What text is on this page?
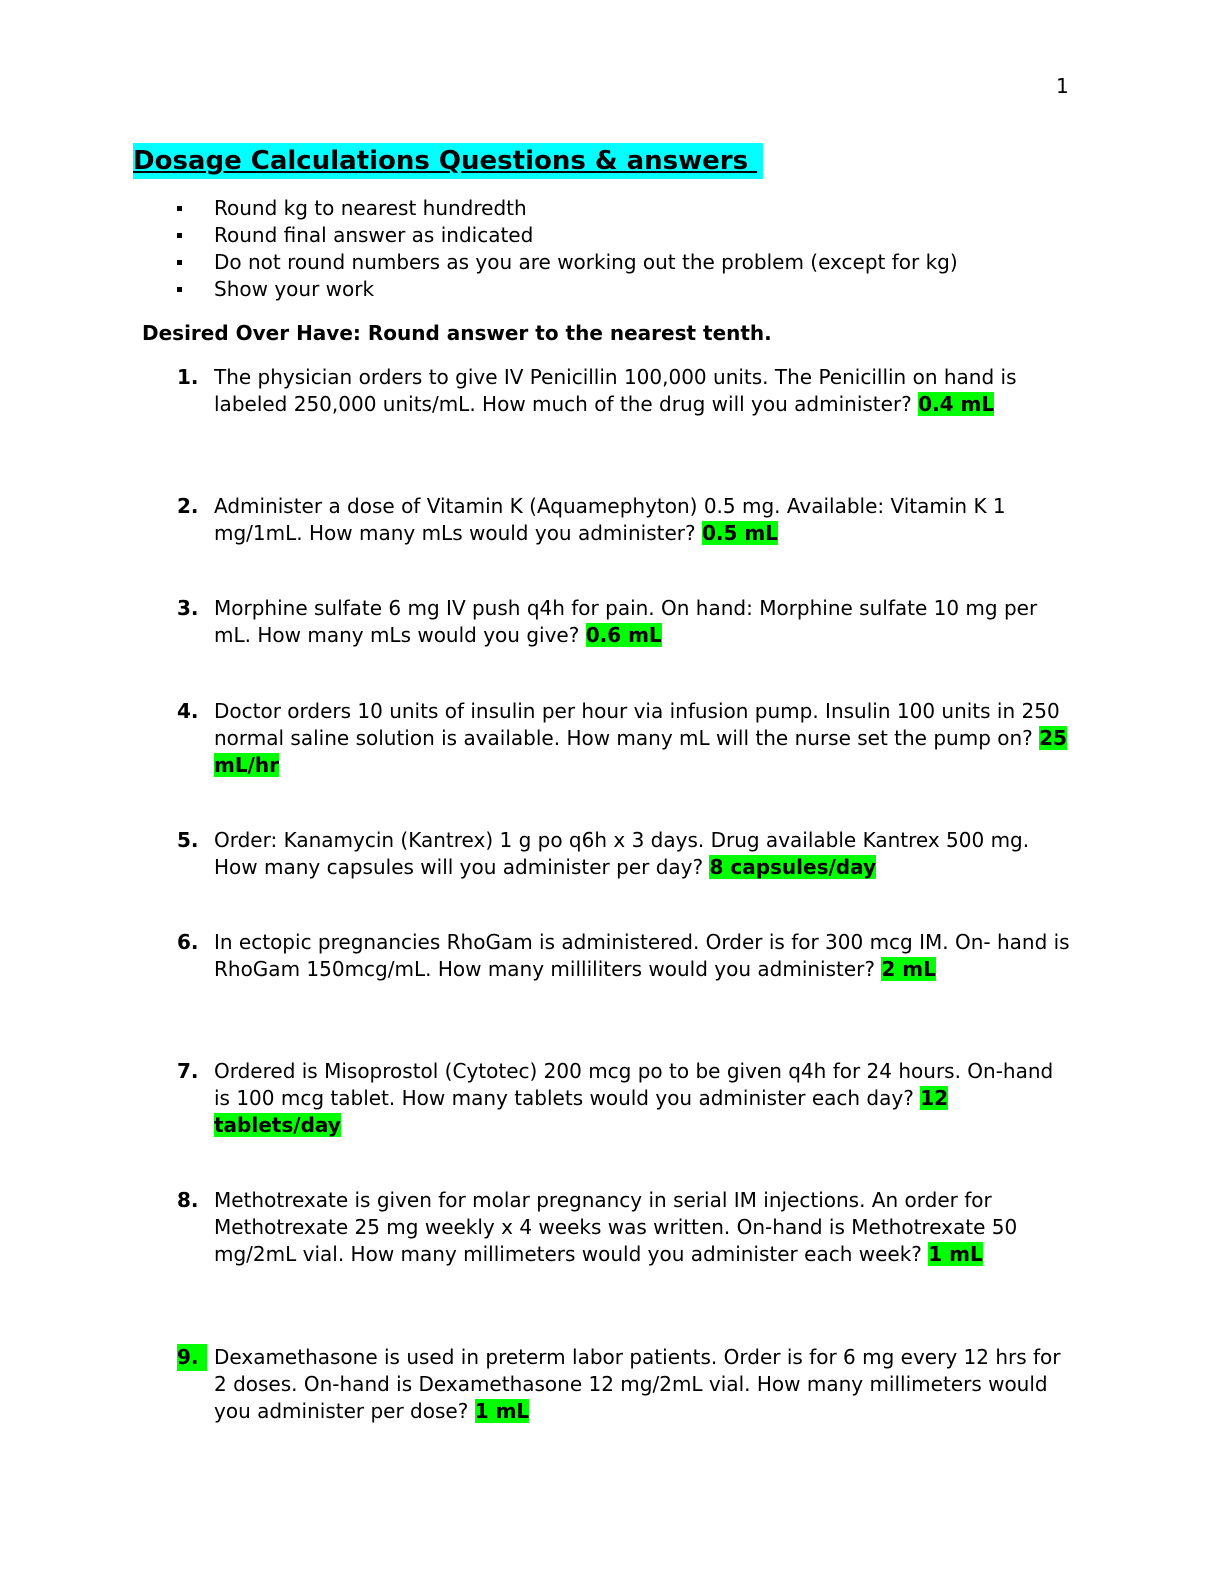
1
Dosage Calculations Questions & answers
Round kg to nearest hundredth
Round final answer as indicated
Do not round numbers as you are working out the problem (except for kg)
Show your work
Desired Over Have: Round answer to the nearest tenth.
1. The physician orders to give IV Penicillin 100,000 units. The Penicillin on hand is labeled 250,000 units/mL. How much of the drug will you administer? 0.4 mL
2. Administer a dose of Vitamin K (Aquamephyton) 0.5 mg. Available: Vitamin K 1 mg/1mL. How many mLs would you administer? 0.5 mL
3. Morphine sulfate 6 mg IV push q4h for pain. On hand: Morphine sulfate 10 mg per mL. How many mLs would you give? 0.6 mL
4. Doctor orders 10 units of insulin per hour via infusion pump. Insulin 100 units in 250 normal saline solution is available. How many mL will the nurse set the pump on? 25 mL/hr
5. Order: Kanamycin (Kantrex) 1 g po q6h x 3 days. Drug available Kantrex 500 mg. How many capsules will you administer per day? 8 capsules/day
6. In ectopic pregnancies RhoGam is administered. Order is for 300 mcg IM. On- hand is RhoGam 150mcg/mL. How many milliliters would you administer? 2 mL
7. Ordered is Misoprostol (Cytotec) 200 mcg po to be given q4h for 24 hours. On-hand is 100 mcg tablet. How many tablets would you administer each day? 12 tablets/day
8. Methotrexate is given for molar pregnancy in serial IM injections. An order for Methotrexate 25 mg weekly x 4 weeks was written. On-hand is Methotrexate 50 mg/2mL vial. How many millimeters would you administer each week? 1 mL
9. Dexamethasone is used in preterm labor patients. Order is for 6 mg every 12 hrs for 2 doses. On-hand is Dexamethasone 12 mg/2mL vial. How many millimeters would you administer per dose? 1 mL
